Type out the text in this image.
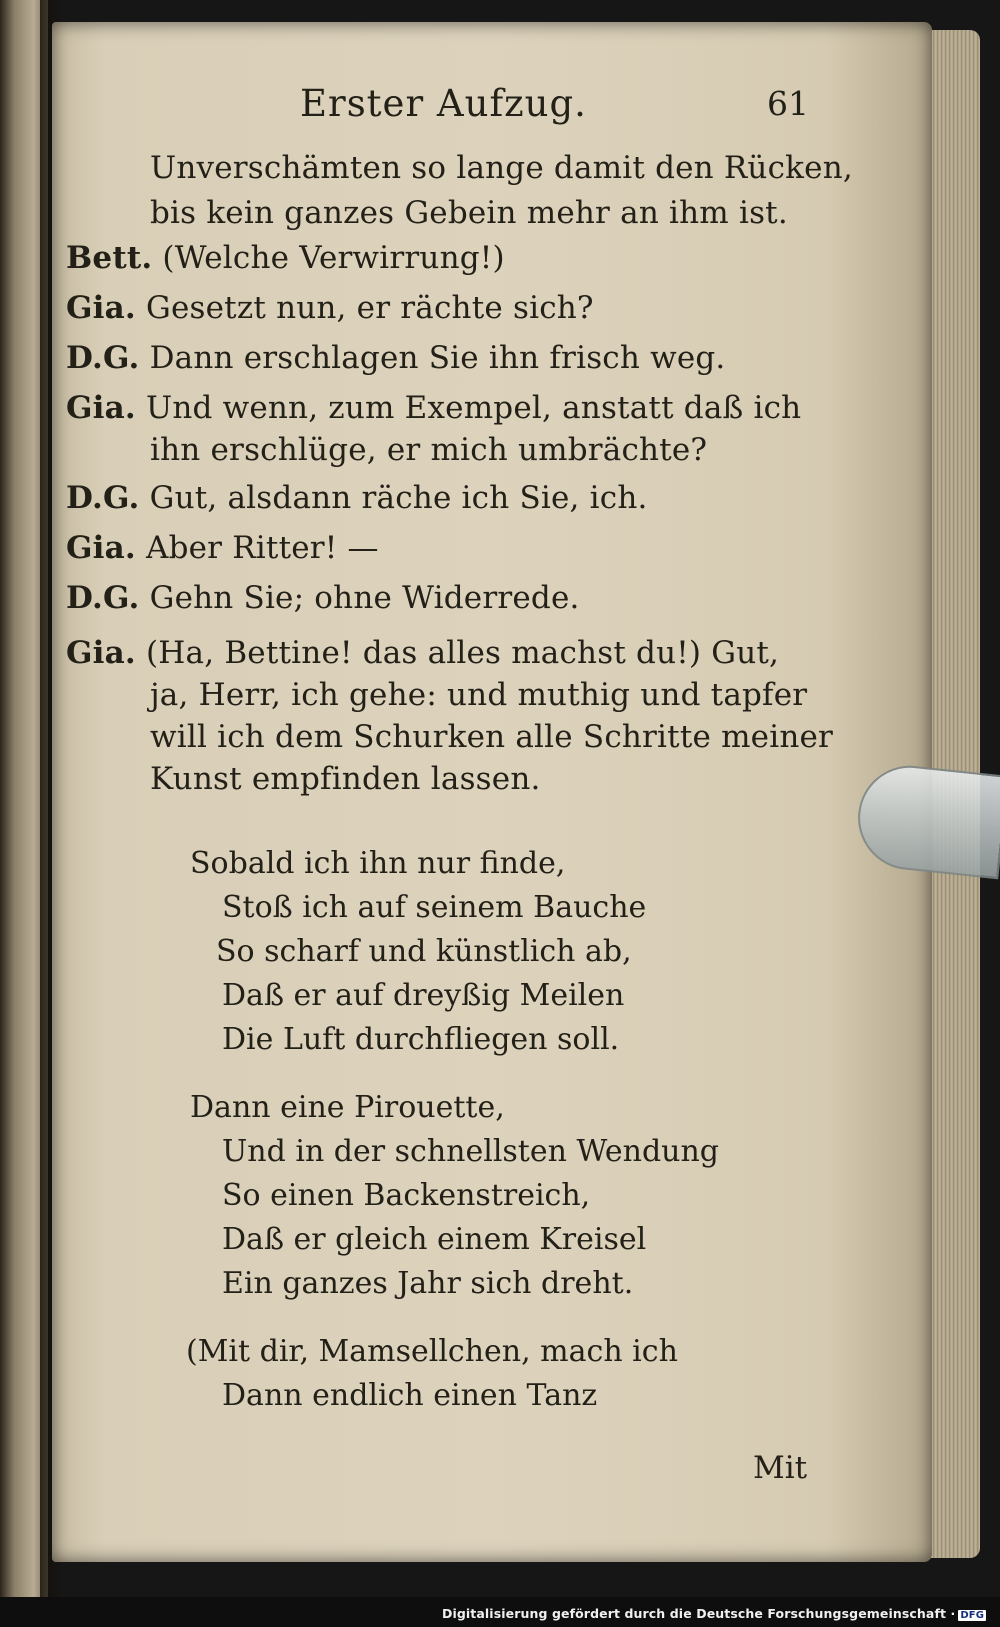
Erster Aufzug.	61
Unverschämten so lange damit den Rücken,
bis kein ganzes Gebein mehr an ihm ist.
Bett. (Welche Verwirrung!)
Gia. Gesetzt nun, er rächte sich?
D.G. Dann erschlagen Sie ihn frisch weg.
Gia. Und wenn, zum Exempel, anstatt daß ich
ihn erschlüge, er mich umbrächte?
D.G. Gut, alsdann räche ich Sie, ich.
Gia. Aber Ritter! —
D.G. Gehn Sie; ohne Widerrede.
Gia. (Ha, Bettine! das alles machst du!) Gut,
ja, Herr, ich gehe: und muthig und tapfer
will ich dem Schurken alle Schritte meiner
Kunst empfinden lassen.
Sobald ich ihn nur finde,
Stoß ich auf seinem Bauche
So scharf und künstlich ab,
Daß er auf dreyßig Meilen
Die Luft durchfliegen soll.
Dann eine Pirouette,
Und in der schnellsten Wendung
So einen Backenstreich,
Daß er gleich einem Kreisel
Ein ganzes Jahr sich dreht.
(Mit dir, Mamsellchen, mach ich
Dann endlich einen Tanz
Mit
Digitalisierung gefördert durch die Deutsche Forschungsgemeinschaft · DFG
